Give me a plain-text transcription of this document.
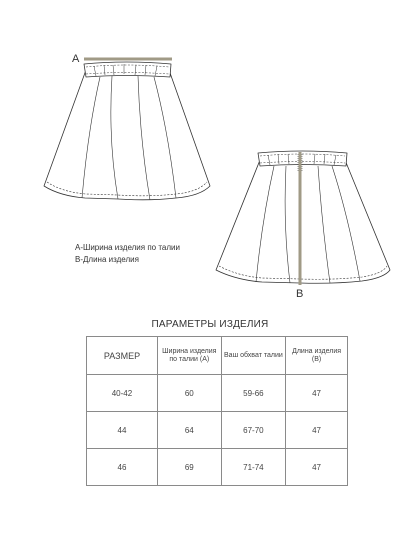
A
B
А-Ширина изделия по талии
В-Длина изделия
ПАРАМЕТРЫ ИЗДЕЛИЯ
РАЗМЕР	Ширина изделия по талии (А)	Ваш обхват талии	Длина изделия (В)
40-42	60	59-66	47
44	64	67-70	47
46	69	71-74	47
